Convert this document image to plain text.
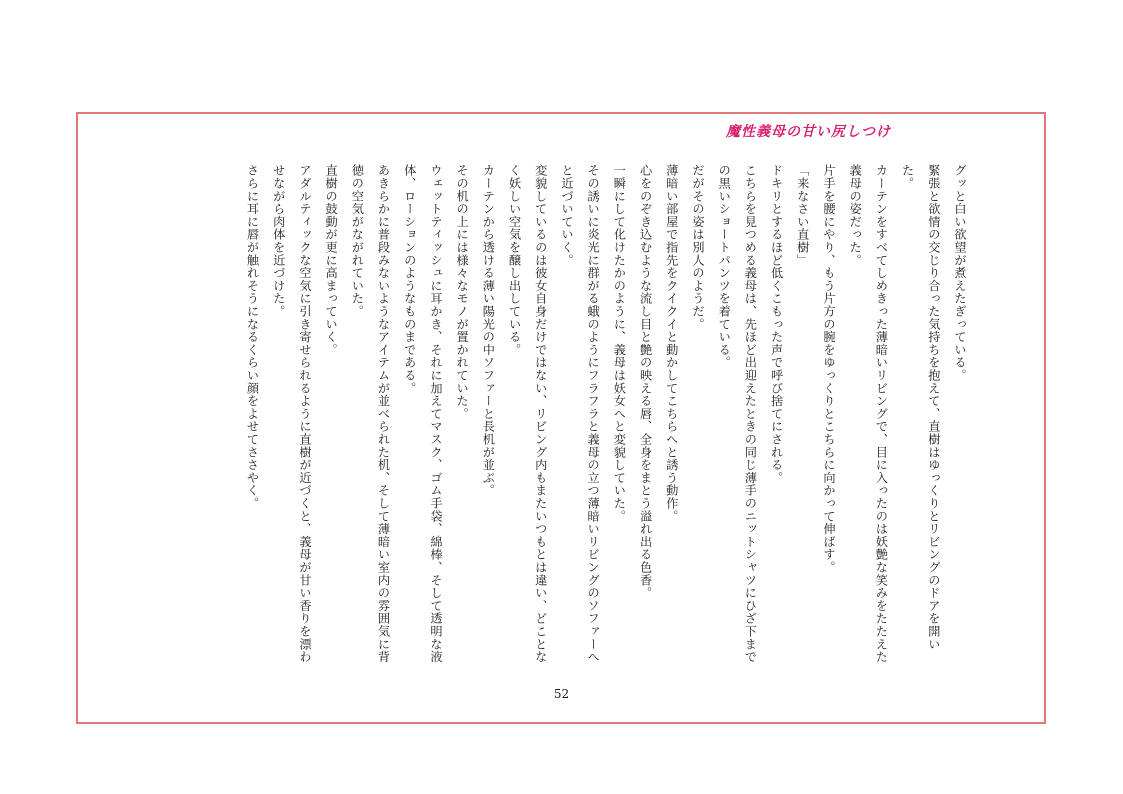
魔性義母の甘い尻しつけ

グッと白い欲望が煮えたぎっている。

緊張と欲情の交じり合った気持ちを抱えて、直樹はゆっくりとリビングのドアを開いた。

カーテンをすべてしめきった薄暗いリビングで、目に入ったのは妖艶な笑みをたたえた義母の姿だった。

片手を腰にやり、もう片方の腕をゆっくりとこちらに向かって伸ばす。

「来なさい直樹」

ドキリとするほど低くこもった声で呼び捨てにされる。

こちらを見つめる義母は、先ほど出迎えたときの同じ薄手のニットシャツにひざ下までの黒いショートパンツを着ている。

だがその姿は別人のようだ。

薄暗い部屋で指先をクイクイと動かしてこちらへと誘う動作。

心をのぞき込むような流し目と艶の映える唇、全身をまとう溢れ出る色香。

一瞬にして化けたかのように、義母は妖女へと変貌していた。

その誘いに炎光に群がる蛾のようにフラフラと義母の立つ薄暗いリビングのソファーへと近づいていく。

変貌しているのは彼女自身だけではない、リビング内もまたいつもとは違い、どことなく妖しい空気を醸し出している。

カーテンから透ける薄い陽光の中ソファーと長机が並ぶ。

その机の上には様々なモノが置かれていた。

ウェットティッシュに耳かき、それに加えてマスク、ゴム手袋、綿棒、そして透明な液体、ローションのようなものまである。

あきらかに普段みないようなアイテムが並べられた机、そして薄暗い室内の雰囲気に背徳の空気がながれていた。

直樹の鼓動が更に高まっていく。

アダルティックな空気に引き寄せられるように直樹が近づくと、義母が甘い香りを漂わせながら肉体を近づけた。

さらに耳に唇が触れそうになるくらい顔をよせてささやく。

52
